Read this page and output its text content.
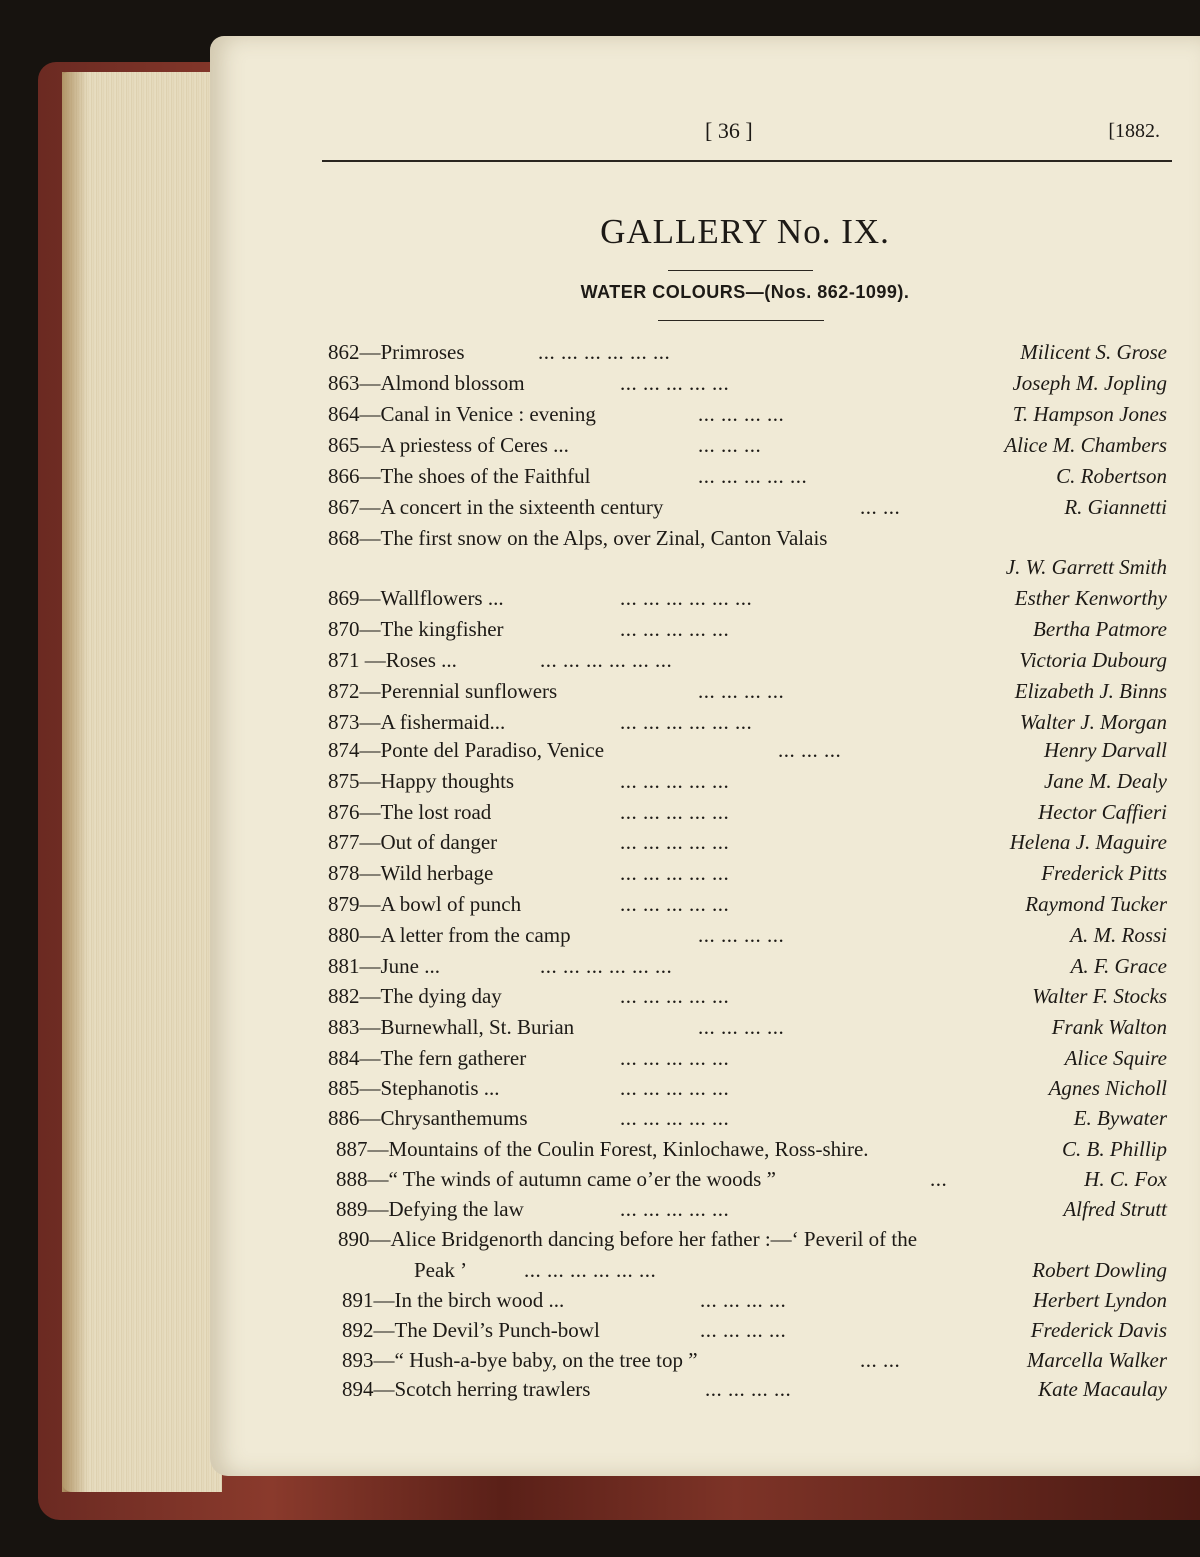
[ 36 ]	[1882.
GALLERY No. IX.
WATER COLOURS—(Nos. 862-1099).
862—Primroses	... ... ... ... ... ...	Milicent S. Grose
863—Almond blossom	... ... ... ... ...	Joseph M. Jopling
864—Canal in Venice : evening	... ... ... ...	T. Hampson Jones
865—A priestess of Ceres ...	... ... ...	Alice M. Chambers
866—The shoes of the Faithful	... ... ... ... ...	C. Robertson
867—A concert in the sixteenth century	... ...	R. Giannetti
868—The first snow on the Alps, over Zinal, Canton Valais
J. W. Garrett Smith
869—Wallflowers ...	... ... ... ... ... ...	Esther Kenworthy
870—The kingfisher	... ... ... ... ...	Bertha Patmore
871 —Roses ...	... ... ... ... ... ...	Victoria Dubourg
872—Perennial sunflowers	... ... ... ...	Elizabeth J. Binns
873—A fishermaid...	... ... ... ... ... ...	Walter J. Morgan
874—Ponte del Paradiso, Venice	... ... ...	Henry Darvall
875—Happy thoughts	... ... ... ... ...	Jane M. Dealy
876—The lost road	... ... ... ... ...	Hector Caffieri
877—Out of danger	... ... ... ... ...	Helena J. Maguire
878—Wild herbage	... ... ... ... ...	Frederick Pitts
879—A bowl of punch	... ... ... ... ...	Raymond Tucker
880—A letter from the camp	... ... ... ...	A. M. Rossi
881—June ...	... ... ... ... ... ...	A. F. Grace
882—The dying day	... ... ... ... ...	Walter F. Stocks
883—Burnewhall, St. Burian	... ... ... ...	Frank Walton
884—The fern gatherer	... ... ... ... ...	Alice Squire
885—Stephanotis ...	... ... ... ... ...	Agnes Nicholl
886—Chrysanthemums	... ... ... ... ...	E. Bywater
887—Mountains of the Coulin Forest, Kinlochawe, Ross-shire.	C. B. Phillip
888—“ The winds of autumn came o’er the woods ”	...	H. C. Fox
889—Defying the law	... ... ... ... ...	Alfred Strutt
890—Alice Bridgenorth dancing before her father :—‘ Peveril of the
Peak ’	... ... ... ... ... ...	Robert Dowling
891—In the birch wood ...	... ... ... ...	Herbert Lyndon
892—The Devil’s Punch-bowl	... ... ... ...	Frederick Davis
893—“ Hush-a-bye baby, on the tree top ”	... ...	Marcella Walker
894—Scotch herring trawlers	... ... ... ...	Kate Macaulay
